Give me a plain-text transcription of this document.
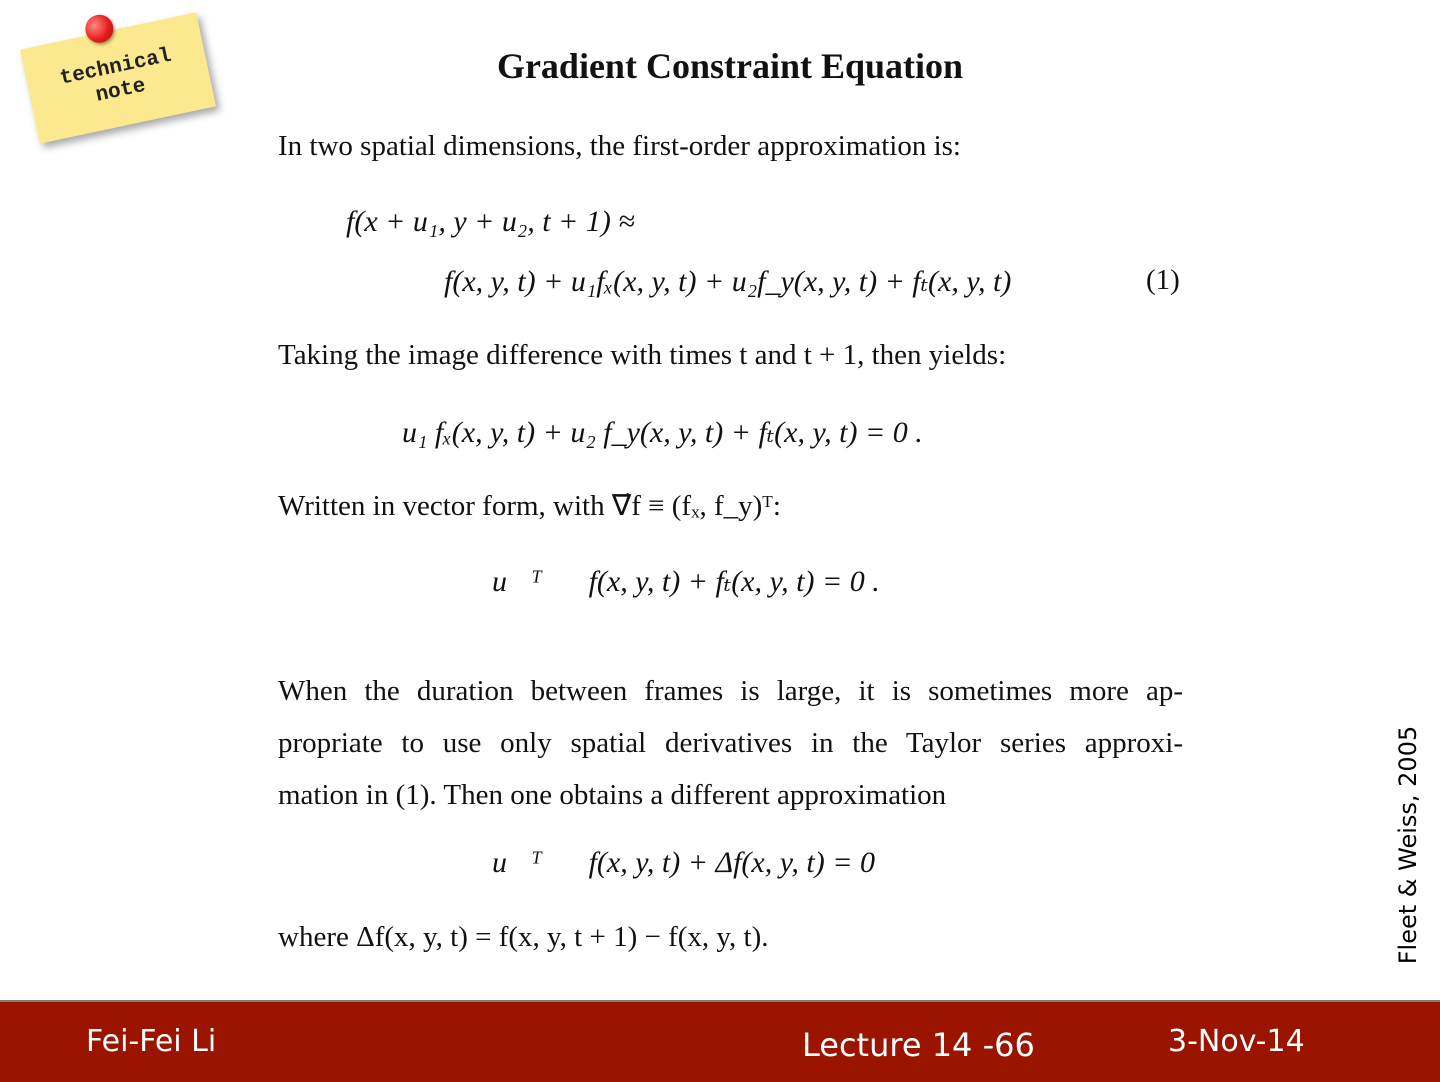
technical
note
Gradient Constraint Equation

In two spatial dimensions, the first-order approximation is:

f(x + u₁, y + u₂, t + 1) ≈
f(x, y, t) + u₁fₓ(x, y, t) + u₂f_y(x, y, t) + fₜ(x, y, t)	(1)

Taking the image difference with times t and t + 1, then yields:

u₁ fₓ(x, y, t) + u₂ f_y(x, y, t) + fₜ(x, y, t) = 0 .

Written in vector form, with ∇⃗f ≡ (fₓ, f_y)ᵀ:

u⃗ᵀ∇⃗f(x, y, t) + fₜ(x, y, t) = 0 .
When the duration between frames is large, it is sometimes more ap-
propriate to use only spatial derivatives in the Taylor series approxi-
mation in (1). Then one obtains a different approximation
u⃗ᵀ∇⃗f(x, y, t) + Δf(x, y, t) = 0

where Δf(x, y, t) = f(x, y, t + 1) − f(x, y, t).	Fleet & Weiss, 2005
Fei-Fei Li	Lecture 14 -66	3-Nov-14
